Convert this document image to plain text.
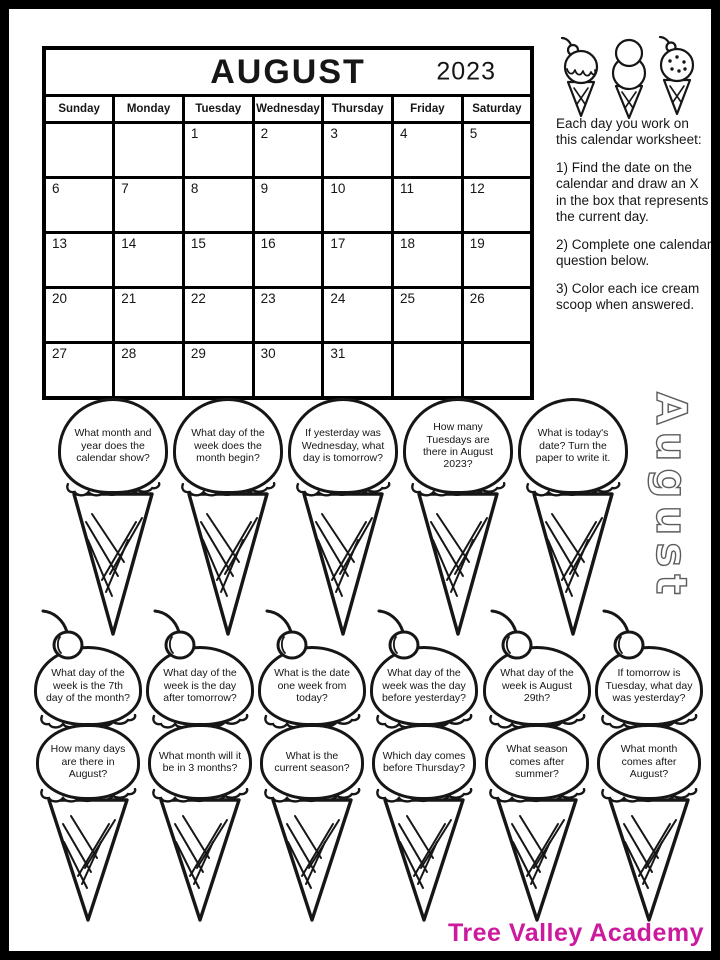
AUGUST 2023						

Sunday	Monday	Tuesday	Wednesday	Thursday	Friday	Saturday
		1	2	3	4	5
6	7	8	9	10	11	12
13	14	15	16	17	18	19
20	21	22	23	24	25	26
27	28	29	30	31		

Each day you work on this calendar worksheet:

1) Find the date on the calendar and draw an X in the box that represents the current day.

2) Complete one calendar question below.

3) Color each ice cream scoop when answered.

August
What month and year does the calendar show?
What day of the week does the month begin?
If yesterday was Wednesday, what day is tomorrow?
How many Tuesdays are there in August 2023?
What is today's date? Turn the paper to write it.
What day of the week is the 7th day of the month?
How many days are there in August?
What day of the week is the day after tomorrow?
What month will it be in 3 months?
What is the date one week from today?
What is the current season?
What day of the week was the day before yesterday?
Which day comes before Thursday?
What day of the week is August 29th?
What season comes after summer?
If tomorrow is Tuesday, what day was yesterday?
What month comes after August?
Tree Valley Academy
